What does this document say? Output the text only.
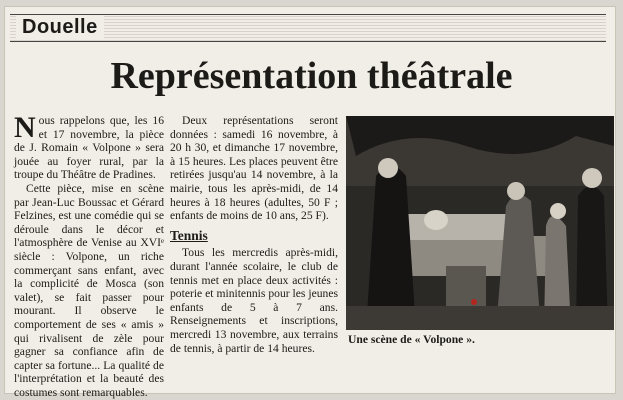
Douelle
Représentation théâtrale

Nous rappelons que, les 16 et 17 novembre, la pièce de J. Romain « Volpone » sera jouée au foyer rural, par la troupe du Théâtre de Pradines.

Cette pièce, mise en scène par Jean-Luc Boussac et Gérard Felzines, est une comédie qui se déroule dans le décor et l'atmosphère de Venise au XVIᵉ siècle : Volpone, un riche commerçant sans enfant, avec la complicité de Mosca (son valet), se fait passer pour mourant. Il observe le comportement de ses « amis » qui rivalisent de zèle pour gagner sa confiance afin de capter sa fortune... La qualité de l'interprétation et la beauté des costumes sont remarquables.

Deux représentations seront données : samedi 16 novembre, à 20 h 30, et dimanche 17 novembre, à 15 heures. Les places peuvent être retirées jusqu'au 14 novembre, à la mairie, tous les après-midi, de 14 heures à 18 heures (adultes, 50 F ; enfants de moins de 10 ans, 25 F).

Tennis

Tous les mercredis après-midi, durant l'année scolaire, le club de tennis met en place deux activités : poterie et minitennis pour les jeunes enfants de 5 à 7 ans. Renseignements et inscriptions, mercredi 13 novembre, aux terrains de tennis, à partir de 14 heures.

Une scène de « Volpone ».
